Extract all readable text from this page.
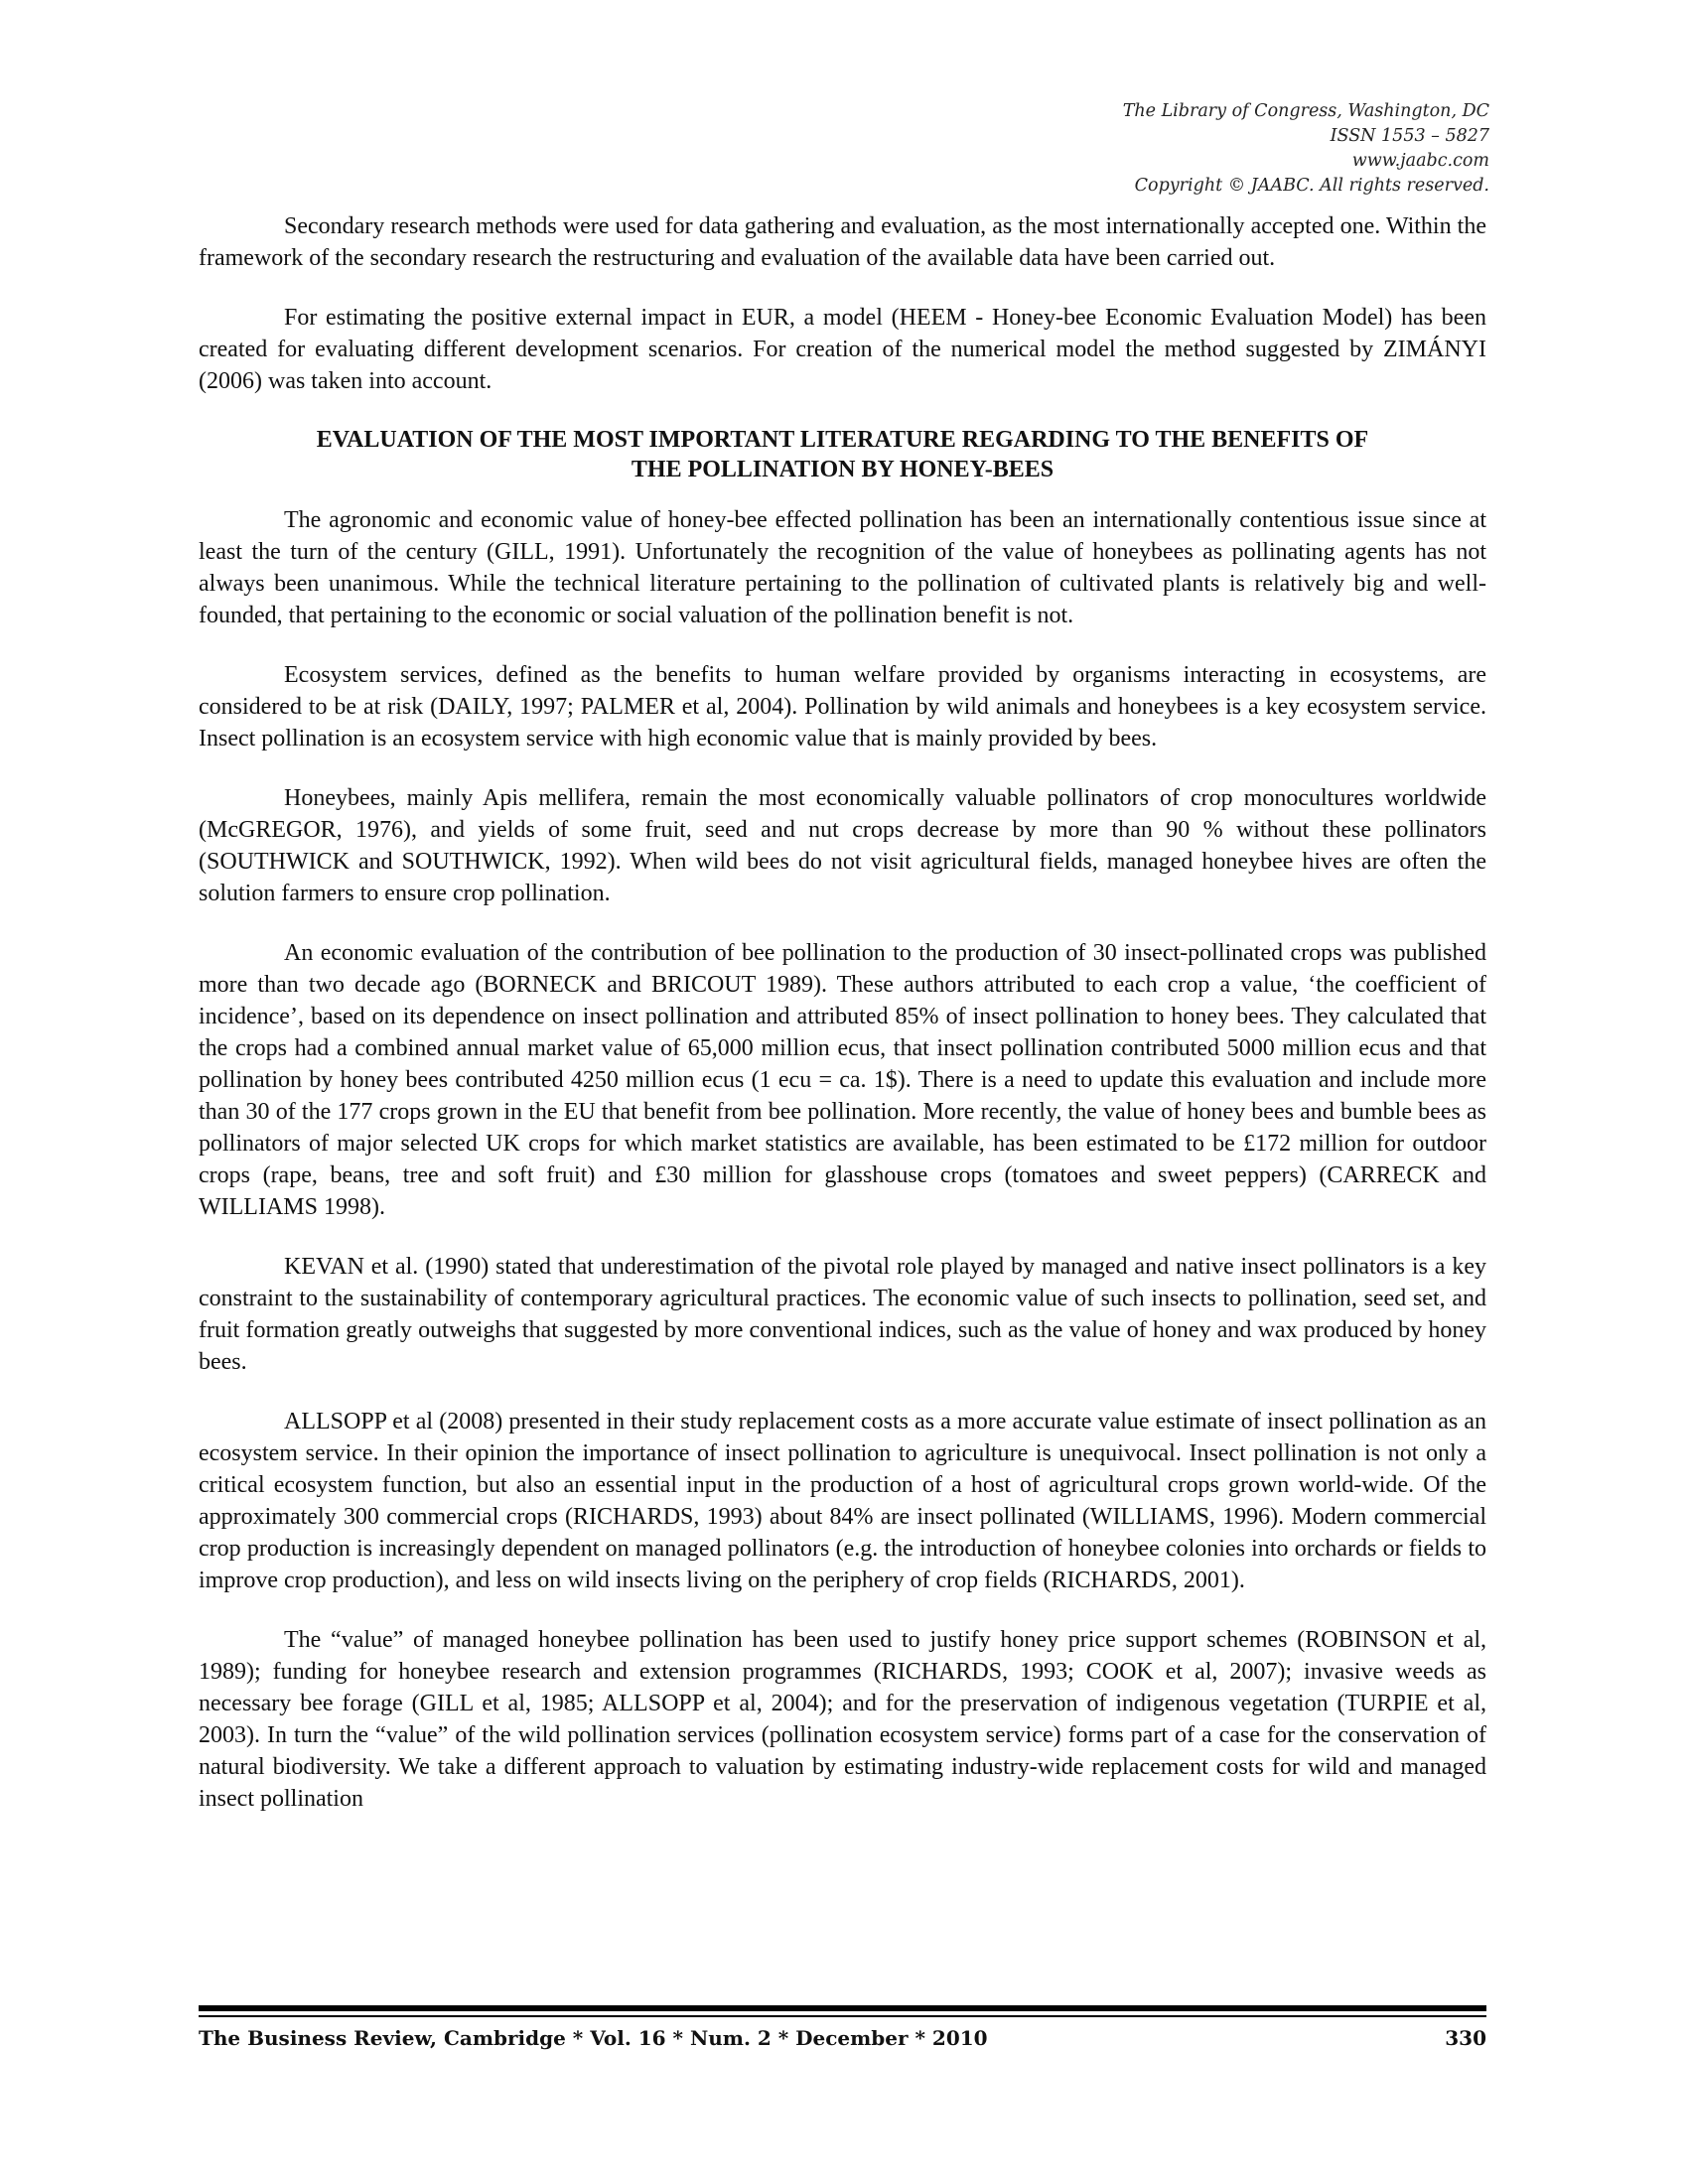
The Library of Congress, Washington, DC
ISSN 1553 – 5827
www.jaabc.com
Copyright © JAABC. All rights reserved.

Secondary research methods were used for data gathering and evaluation, as the most internationally accepted one. Within the framework of the secondary research the restructuring and evaluation of the available data have been carried out.

For estimating the positive external impact in EUR, a model (HEEM - Honey-bee Economic Evaluation Model) has been created for evaluating different development scenarios. For creation of the numerical model the method suggested by ZIMÁNYI (2006) was taken into account.

EVALUATION OF THE MOST IMPORTANT LITERATURE REGARDING TO THE BENEFITS OF
THE POLLINATION BY HONEY-BEES

The agronomic and economic value of honey-bee effected pollination has been an internationally contentious issue since at least the turn of the century (GILL, 1991). Unfortunately the recognition of the value of honeybees as pollinating agents has not always been unanimous. While the technical literature pertaining to the pollination of cultivated plants is relatively big and well-founded, that pertaining to the economic or social valuation of the pollination benefit is not.

Ecosystem services, defined as the benefits to human welfare provided by organisms interacting in ecosystems, are considered to be at risk (DAILY, 1997; PALMER et al, 2004). Pollination by wild animals and honeybees is a key ecosystem service. Insect pollination is an ecosystem service with high economic value that is mainly provided by bees.

Honeybees, mainly Apis mellifera, remain the most economically valuable pollinators of crop monocultures worldwide (McGREGOR, 1976), and yields of some fruit, seed and nut crops decrease by more than 90 % without these pollinators (SOUTHWICK and SOUTHWICK, 1992). When wild bees do not visit agricultural fields, managed honeybee hives are often the solution farmers to ensure crop pollination.

An economic evaluation of the contribution of bee pollination to the production of 30 insect-pollinated crops was published more than two decade ago (BORNECK and BRICOUT 1989). These authors attributed to each crop a value, ‘the coefficient of incidence’, based on its dependence on insect pollination and attributed 85% of insect pollination to honey bees. They calculated that the crops had a combined annual market value of 65,000 million ecus, that insect pollination contributed 5000 million ecus and that pollination by honey bees contributed 4250 million ecus (1 ecu = ca. 1$). There is a need to update this evaluation and include more than 30 of the 177 crops grown in the EU that benefit from bee pollination. More recently, the value of honey bees and bumble bees as pollinators of major selected UK crops for which market statistics are available, has been estimated to be £172 million for outdoor crops (rape, beans, tree and soft fruit) and £30 million for glasshouse crops (tomatoes and sweet peppers) (CARRECK and WILLIAMS 1998).

KEVAN et al. (1990) stated that underestimation of the pivotal role played by managed and native insect pollinators is a key constraint to the sustainability of contemporary agricultural practices. The economic value of such insects to pollination, seed set, and fruit formation greatly outweighs that suggested by more conventional indices, such as the value of honey and wax produced by honey bees.

ALLSOPP et al (2008) presented in their study replacement costs as a more accurate value estimate of insect pollination as an ecosystem service. In their opinion the importance of insect pollination to agriculture is unequivocal. Insect pollination is not only a critical ecosystem function, but also an essential input in the production of a host of agricultural crops grown world-wide. Of the approximately 300 commercial crops (RICHARDS, 1993) about 84% are insect pollinated (WILLIAMS, 1996). Modern commercial crop production is increasingly dependent on managed pollinators (e.g. the introduction of honeybee colonies into orchards or fields to improve crop production), and less on wild insects living on the periphery of crop fields (RICHARDS, 2001).

The “value” of managed honeybee pollination has been used to justify honey price support schemes (ROBINSON et al, 1989); funding for honeybee research and extension programmes (RICHARDS, 1993; COOK et al, 2007); invasive weeds as necessary bee forage (GILL et al, 1985; ALLSOPP et al, 2004); and for the preservation of indigenous vegetation (TURPIE et al, 2003). In turn the “value” of the wild pollination services (pollination ecosystem service) forms part of a case for the conservation of natural biodiversity. We take a different approach to valuation by estimating industry-wide replacement costs for wild and managed insect pollination

The Business Review, Cambridge * Vol. 16 * Num. 2 * December * 2010	330
